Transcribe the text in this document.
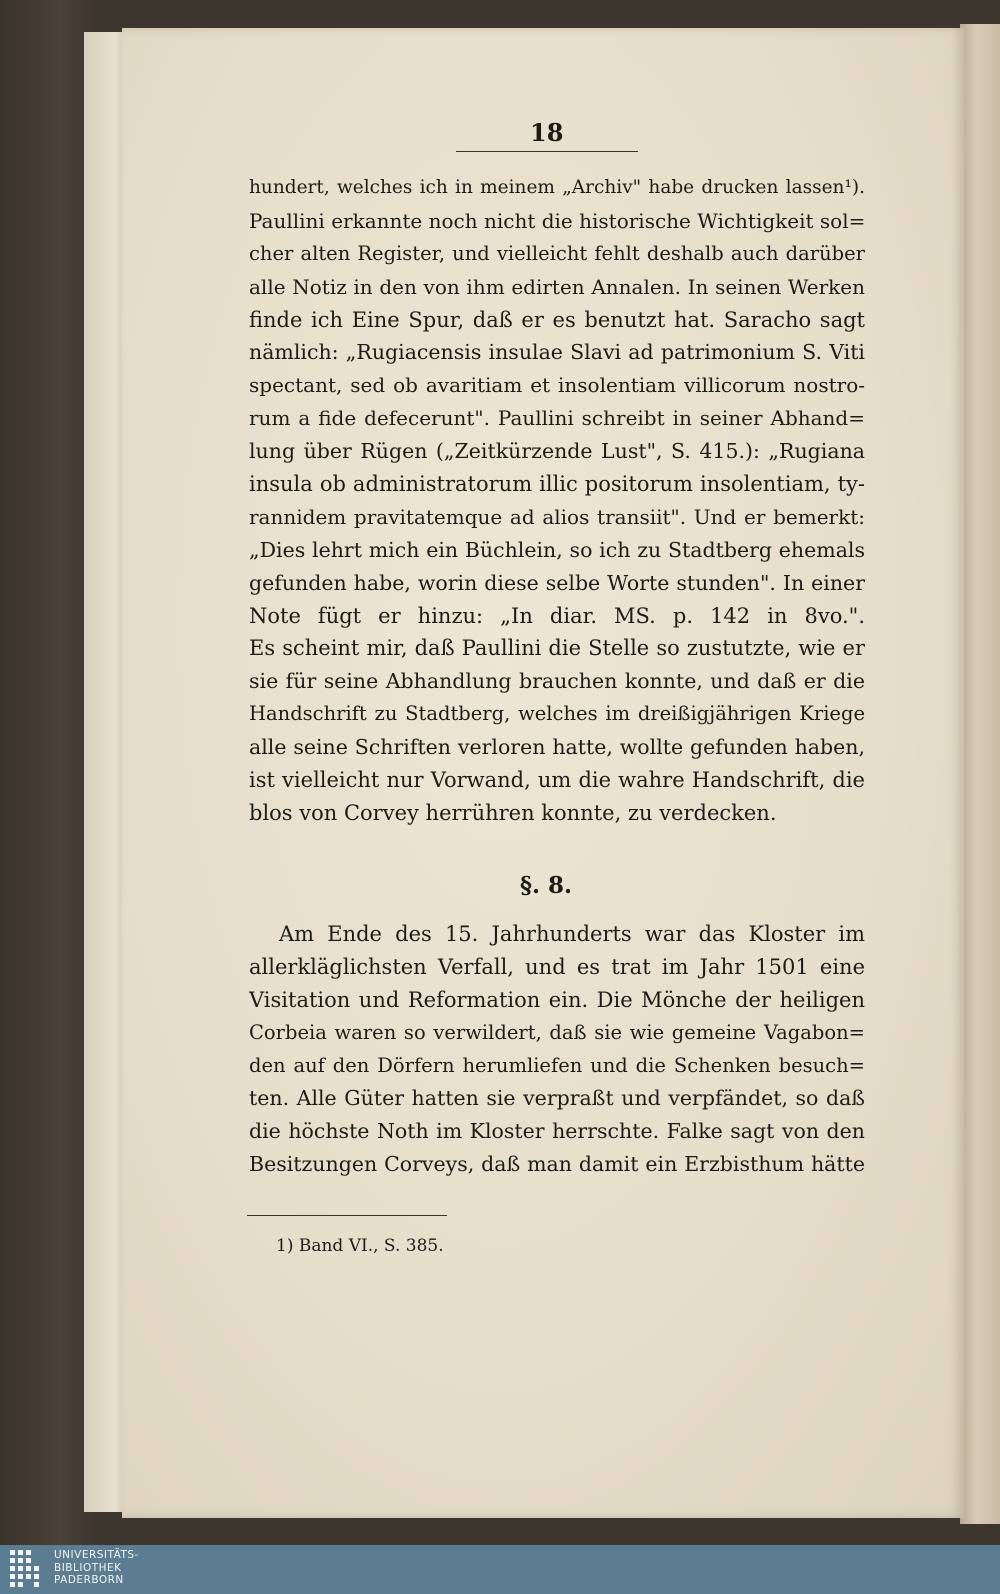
18
hundert, welches ich in meinem „Archiv" habe drucken lassen¹).
Paullini erkannte noch nicht die historische Wichtigkeit sol=
cher alten Register, und vielleicht fehlt deshalb auch darüber
alle Notiz in den von ihm edirten Annalen. In seinen Werken
finde ich Eine Spur, daß er es benutzt hat. Saracho sagt
nämlich: „Rugiacensis insulae Slavi ad patrimonium S. Viti
spectant, sed ob avaritiam et insolentiam villicorum nostro-
rum a fide defecerunt". Paullini schreibt in seiner Abhand=
lung über Rügen („Zeitkürzende Lust", S. 415.): „Rugiana
insula ob administratorum illic positorum insolentiam, ty-
rannidem pravitatemque ad alios transiit". Und er bemerkt:
„Dies lehrt mich ein Büchlein, so ich zu Stadtberg ehemals
gefunden habe, worin diese selbe Worte stunden". In einer
Note fügt er hinzu: „In diar. MS. p. 142 in 8vo.".
Es scheint mir, daß Paullini die Stelle so zustutzte, wie er
sie für seine Abhandlung brauchen konnte, und daß er die
Handschrift zu Stadtberg, welches im dreißigjährigen Kriege
alle seine Schriften verloren hatte, wollte gefunden haben,
ist vielleicht nur Vorwand, um die wahre Handschrift, die
blos von Corvey herrühren konnte, zu verdecken.
§. 8.
Am Ende des 15. Jahrhunderts war das Kloster im
allerkläglichsten Verfall, und es trat im Jahr 1501 eine
Visitation und Reformation ein. Die Mönche der heiligen
Corbeia waren so verwildert, daß sie wie gemeine Vagabon=
den auf den Dörfern herumliefen und die Schenken besuch=
ten. Alle Güter hatten sie verpraßt und verpfändet, so daß
die höchste Noth im Kloster herrschte. Falke sagt von den
Besitzungen Corveys, daß man damit ein Erzbisthum hätte
1) Band VI., S. 385.
UNIVERSITÄTS-
BIBLIOTHEK
PADERBORN
